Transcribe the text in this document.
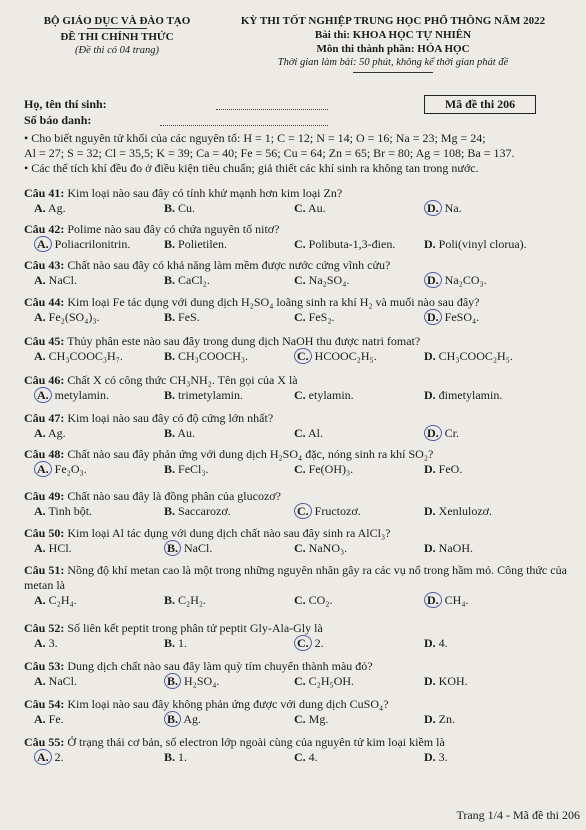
BỘ GIÁO DỤC VÀ ĐÀO TẠO
ĐỀ THI CHÍNH THỨC
(Đề thi có 04 trang)
KỲ THI TỐT NGHIỆP TRUNG HỌC PHỔ THÔNG NĂM 2022
Bài thi: KHOA HỌC TỰ NHIÊN
Môn thi thành phần: HÓA HỌC
Thời gian làm bài: 50 phút, không kể thời gian phát đề
Họ, tên thí sinh:
Số báo danh:
Mã đề thi 206
• Cho biết nguyên tử khối của các nguyên tố: H = 1; C = 12; N = 14; O = 16; Na = 23; Mg = 24;
Al = 27; S = 32; Cl = 35,5; K = 39; Ca = 40; Fe = 56; Cu = 64; Zn = 65; Br = 80; Ag = 108; Ba = 137.
• Các thể tích khí đều đo ở điều kiện tiêu chuẩn; giả thiết các khí sinh ra không tan trong nước.
Câu 41: Kim loại nào sau đây có tính khử mạnh hơn kim loại Zn?
A. Ag.	B. Cu.	C. Au.	D. Na.
Câu 42: Polime nào sau đây có chứa nguyên tố nitơ?
A. Poliacrilonitrin.	B. Polietilen.	C. Polibuta-1,3-đien. D. Poli(vinyl clorua).
Câu 43: Chất nào sau đây có khả năng làm mềm được nước cứng vĩnh cửu?
A. NaCl.	B. CaCl₂.	C. Na₂SO₄.	D. Na₂CO₃.
Câu 44: Kim loại Fe tác dụng với dung dịch H₂SO₄ loãng sinh ra khí H₂ và muối nào sau đây?
A. Fe₂(SO₄)₃.	B. FeS.	C. FeS₂.	D. FeSO₄.
Câu 45: Thủy phân este nào sau đây trong dung dịch NaOH thu được natri fomat?
A. CH₃COOC₃H₇.	B. CH₃COOCH₃.	C. HCOOC₂H₅.	D. CH₃COOC₂H₅.
Câu 46: Chất X có công thức CH₃NH₂. Tên gọi của X là
A. metylamin.	B. trimetylamin.	C. etylamin.	D. đimetylamin.
Câu 47: Kim loại nào sau đây có độ cứng lớn nhất?
A. Ag.	B. Au.	C. Al.	D. Cr.
Câu 48: Chất nào sau đây phản ứng với dung dịch H₂SO₄ đặc, nóng sinh ra khí SO₂?
A. Fe₂O₃.	B. FeCl₃.	C. Fe(OH)₃.	D. FeO.
Câu 49: Chất nào sau đây là đồng phân của glucozơ?
A. Tinh bột.	B. Saccarozơ.	C. Fructozơ.	D. Xenlulozơ.
Câu 50: Kim loại Al tác dụng với dung dịch chất nào sau đây sinh ra AlCl₃?
A. HCl.	B. NaCl.	C. NaNO₃.	D. NaOH.
Câu 51: Nồng độ khí metan cao là một trong những nguyên nhân gây ra các vụ nổ trong hầm mỏ. Công thức của metan là
A. C₂H₄.	B. C₂H₂.	C. CO₂.	D. CH₄.
Câu 52: Số liên kết peptit trong phân tử peptit Gly-Ala-Gly là
A. 3.	B. 1.	C. 2.	D. 4.
Câu 53: Dung dịch chất nào sau đây làm quỳ tím chuyển thành màu đỏ?
A. NaCl.	B. H₂SO₄.	C. C₂H₅OH.	D. KOH.
Câu 54: Kim loại nào sau đây không phản ứng được với dung dịch CuSO₄?
A. Fe.	B. Ag.	C. Mg.	D. Zn.
Câu 55: Ở trạng thái cơ bản, số electron lớp ngoài cùng của nguyên tử kim loại kiềm là
A. 2.	B. 1.	C. 4.	D. 3.
Trang 1/4 - Mã đề thi 206
